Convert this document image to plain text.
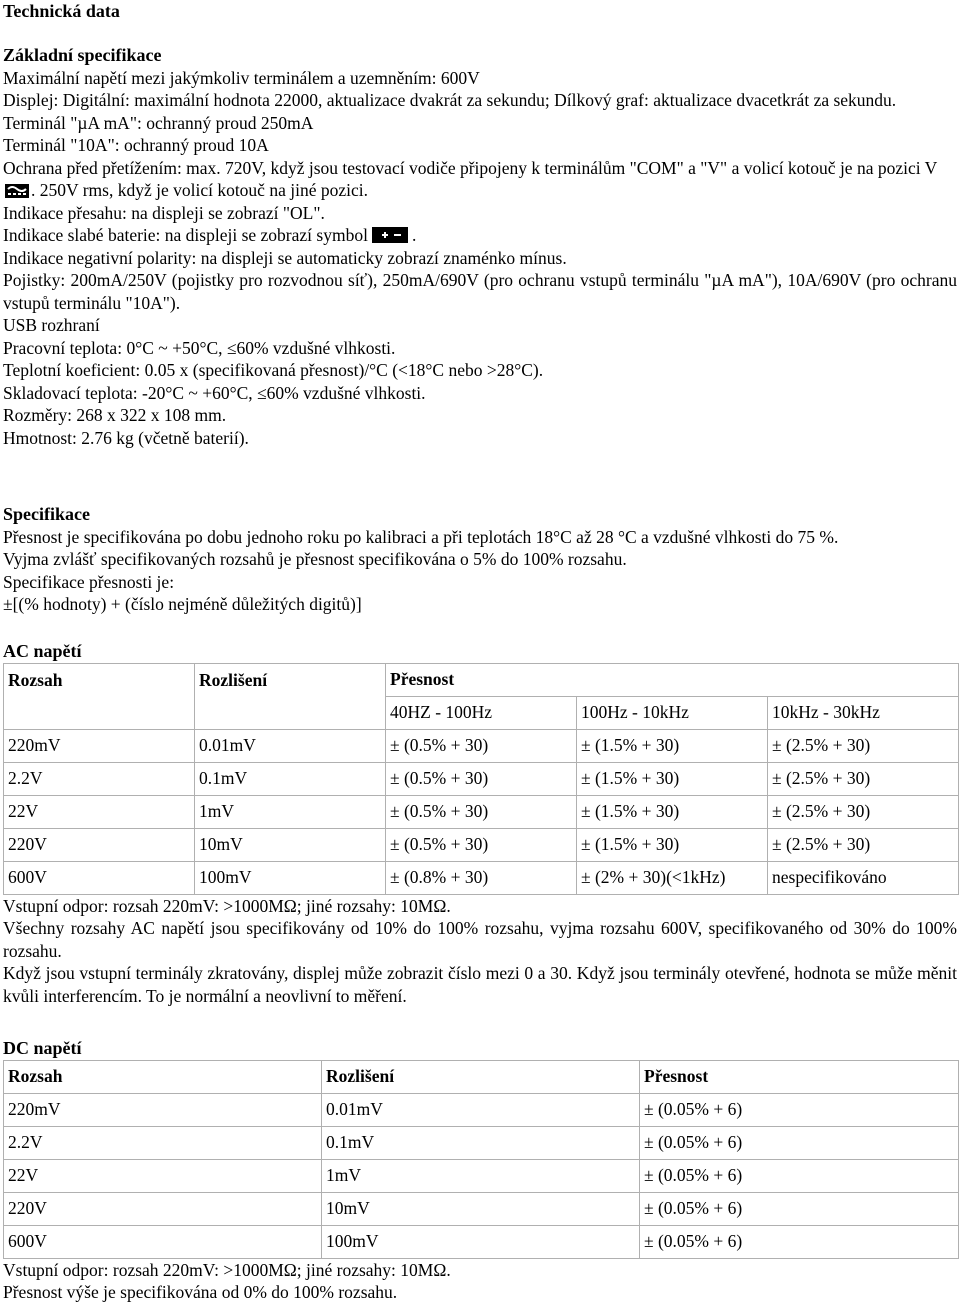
Technická data
Základní specifikace
Maximální napětí mezi jakýmkoliv terminálem a uzemněním: 600V
Displej: Digitální: maximální hodnota 22000, aktualizace dvakrát za sekundu; Dílkový graf: aktualizace dvacetkrát za sekundu.
Terminál "µA mA": ochranný proud 250mA
Terminál "10A": ochranný proud 10A
Ochrana před přetížením: max. 720V, když jsou testovací vodiče připojeny k terminálům "COM" a "V" a volicí kotouč je na pozici V. 250V rms, když je volicí kotouč na jiné pozici.
Indikace přesahu: na displeji se zobrazí "OL".
Indikace slabé baterie: na displeji se zobrazí symbol	.
Indikace negativní polarity: na displeji se automaticky zobrazí znaménko mínus.
Pojistky: 200mA/250V (pojistky pro rozvodnou síť), 250mA/690V (pro ochranu vstupů terminálu "µA mA"), 10A/690V (pro ochranu vstupů terminálu "10A").
USB rozhraní
Pracovní teplota: 0°C ~ +50°C, ≤60% vzdušné vlhkosti.
Teplotní koeficient: 0.05 x (specifikovaná přesnost)/°C (<18°C nebo >28°C).
Skladovací teplota: -20°C ~ +60°C, ≤60% vzdušné vlhkosti.
Rozměry: 268 x 322 x 108 mm.
Hmotnost: 2.76 kg (včetně baterií).
Specifikace
Přesnost je specifikována po dobu jednoho roku po kalibraci a při teplotách 18°C až 28 °C a vzdušné vlhkosti do 75 %.
Vyjma zvlášť specifikovaných rozsahů je přesnost specifikována o 5% do 100% rozsahu.
Specifikace přesnosti je:
±[(% hodnoty) + (číslo nejméně důležitých digitů)]
AC napětí
Rozsah	Rozlišení	Přesnost		
		40HZ - 100Hz	100Hz - 10kHz	10kHz - 30kHz
220mV	0.01mV	± (0.5% + 30)	± (1.5% + 30)	± (2.5% + 30)
2.2V	0.1mV	± (0.5% + 30)	± (1.5% + 30)	± (2.5% + 30)
22V	1mV	± (0.5% + 30)	± (1.5% + 30)	± (2.5% + 30)
220V	10mV	± (0.5% + 30)	± (1.5% + 30)	± (2.5% + 30)
600V	100mV	± (0.8% + 30)	± (2% + 30)(<1kHz)	nespecifikováno
Vstupní odpor: rozsah 220mV: >1000MΩ; jiné rozsahy: 10MΩ.
Všechny rozsahy AC napětí jsou specifikovány od 10% do 100% rozsahu, vyjma rozsahu 600V, specifikovaného od 30% do 100% rozsahu.
Když jsou vstupní terminály zkratovány, displej může zobrazit číslo mezi 0 a 30. Když jsou terminály otevřené, hodnota se může měnit kvůli interferencím. To je normální a neovlivní to měření.
DC napětí
Rozsah	Rozlišení	Přesnost
220mV	0.01mV	± (0.05% + 6)
2.2V	0.1mV	± (0.05% + 6)
22V	1mV	± (0.05% + 6)
220V	10mV	± (0.05% + 6)
600V	100mV	± (0.05% + 6)
Vstupní odpor: rozsah 220mV: >1000MΩ; jiné rozsahy: 10MΩ.
Přesnost výše je specifikována od 0% do 100% rozsahu.
